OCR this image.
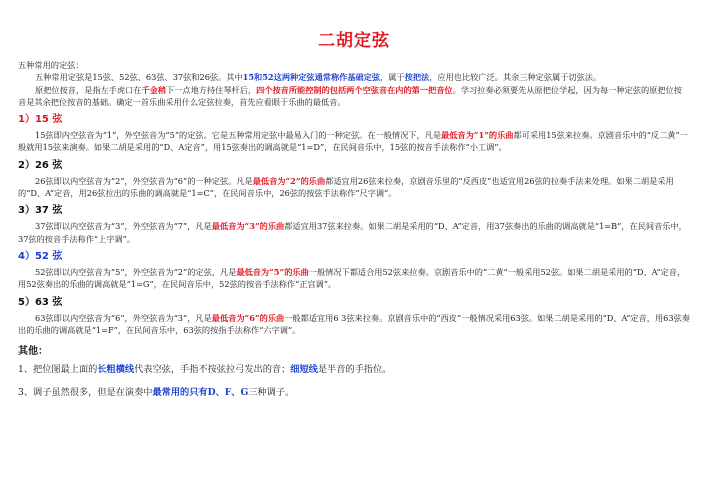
二胡定弦

五种常用的定弦：

五种常用定弦是15弦、52弦、63弦、37弦和26弦。其中15和52这两种定弦通常称作基础定弦，属于按把法，应用也比较广泛。其余三种定弦属于切弦法。

原把位按音，是指左手虎口在千金稍下一点地方持住琴杆后，四个按音所能控制的包括两个空弦音在内的第一把音位。学习拉奏必须要先从原把位学起，因为每一种定弦的原把位按音是其余把位按音的基础。确定一首乐曲采用什么定弦拉奏，首先应看眼于乐曲的最低音。

1）15 弦

15弦即内空弦音为“1”，外空弦音为“5”的定弦。它是五种常用定弦中最易入门的一种定弦。在一般情况下，凡是最低音为“1”的乐曲都可采用15弦来拉奏。京剧音乐中的“反二黄”一般就用15弦来演奏。如果二胡是采用的“D、A定音”，用15弦奏出的调高就是“1=D”，在民间音乐中，15弦的按音手法称作“小工调”。

2）26 弦

26弦即以内空弦音为“2”，外空弦音为“6”的一种定弦。凡是最低音为“2”的乐曲都适宜用26弦来拉奏，京剧音乐里的“反西皮”也适宜用26弦的拉奏手法来处理。如果二胡是采用的“D、A”定音，用26弦拉出的乐曲的调高就是“1=C”，在民间音乐中，26弦的按弦手法称作“尺字调”。

3）37 弦

37弦即以内空弦音为“3”，外空弦音为“7”，凡是最低音为“3”的乐曲都适宜用37弦来拉奏。如果二胡是采用的“D、A”定音，用37弦奏出的乐曲的调高就是“1=B”，在民间音乐中，37弦的按音手法称作“上字调”。

4）52 弦

52弦即以内空弦音为“5”，外空弦音为“2”的定弦，凡是最低音为“5”的乐曲一般情况下都适合用52弦来拉奏。京剧音乐中的“二黄”一般采用52弦。如果二胡是采用的“D、A”定音，用52弦奏出的乐曲的调高就是“1=G”，在民间音乐中，52弦的按音手法称作“正宫调”。

5）63 弦

63弦即以内空弦音为“6”，外空弦音为“3”，凡是最低音为“6”的乐曲一般都适宜用6 3弦来拉奏。京剧音乐中的“西皮”一般情况采用63弦。如果二胡是采用的“D、A”定音，用63弦奏出的乐曲的调高就是“1=F”，在民间音乐中，63弦的按指手法称作“六字调”。

其他：

1、把位图最上面的长粗横线代表空弦，手指不按弦拉弓发出的音；细短线是半音的手指位。

3、调子虽然很多，但是在演奏中最常用的只有D、F、G三种调子。
